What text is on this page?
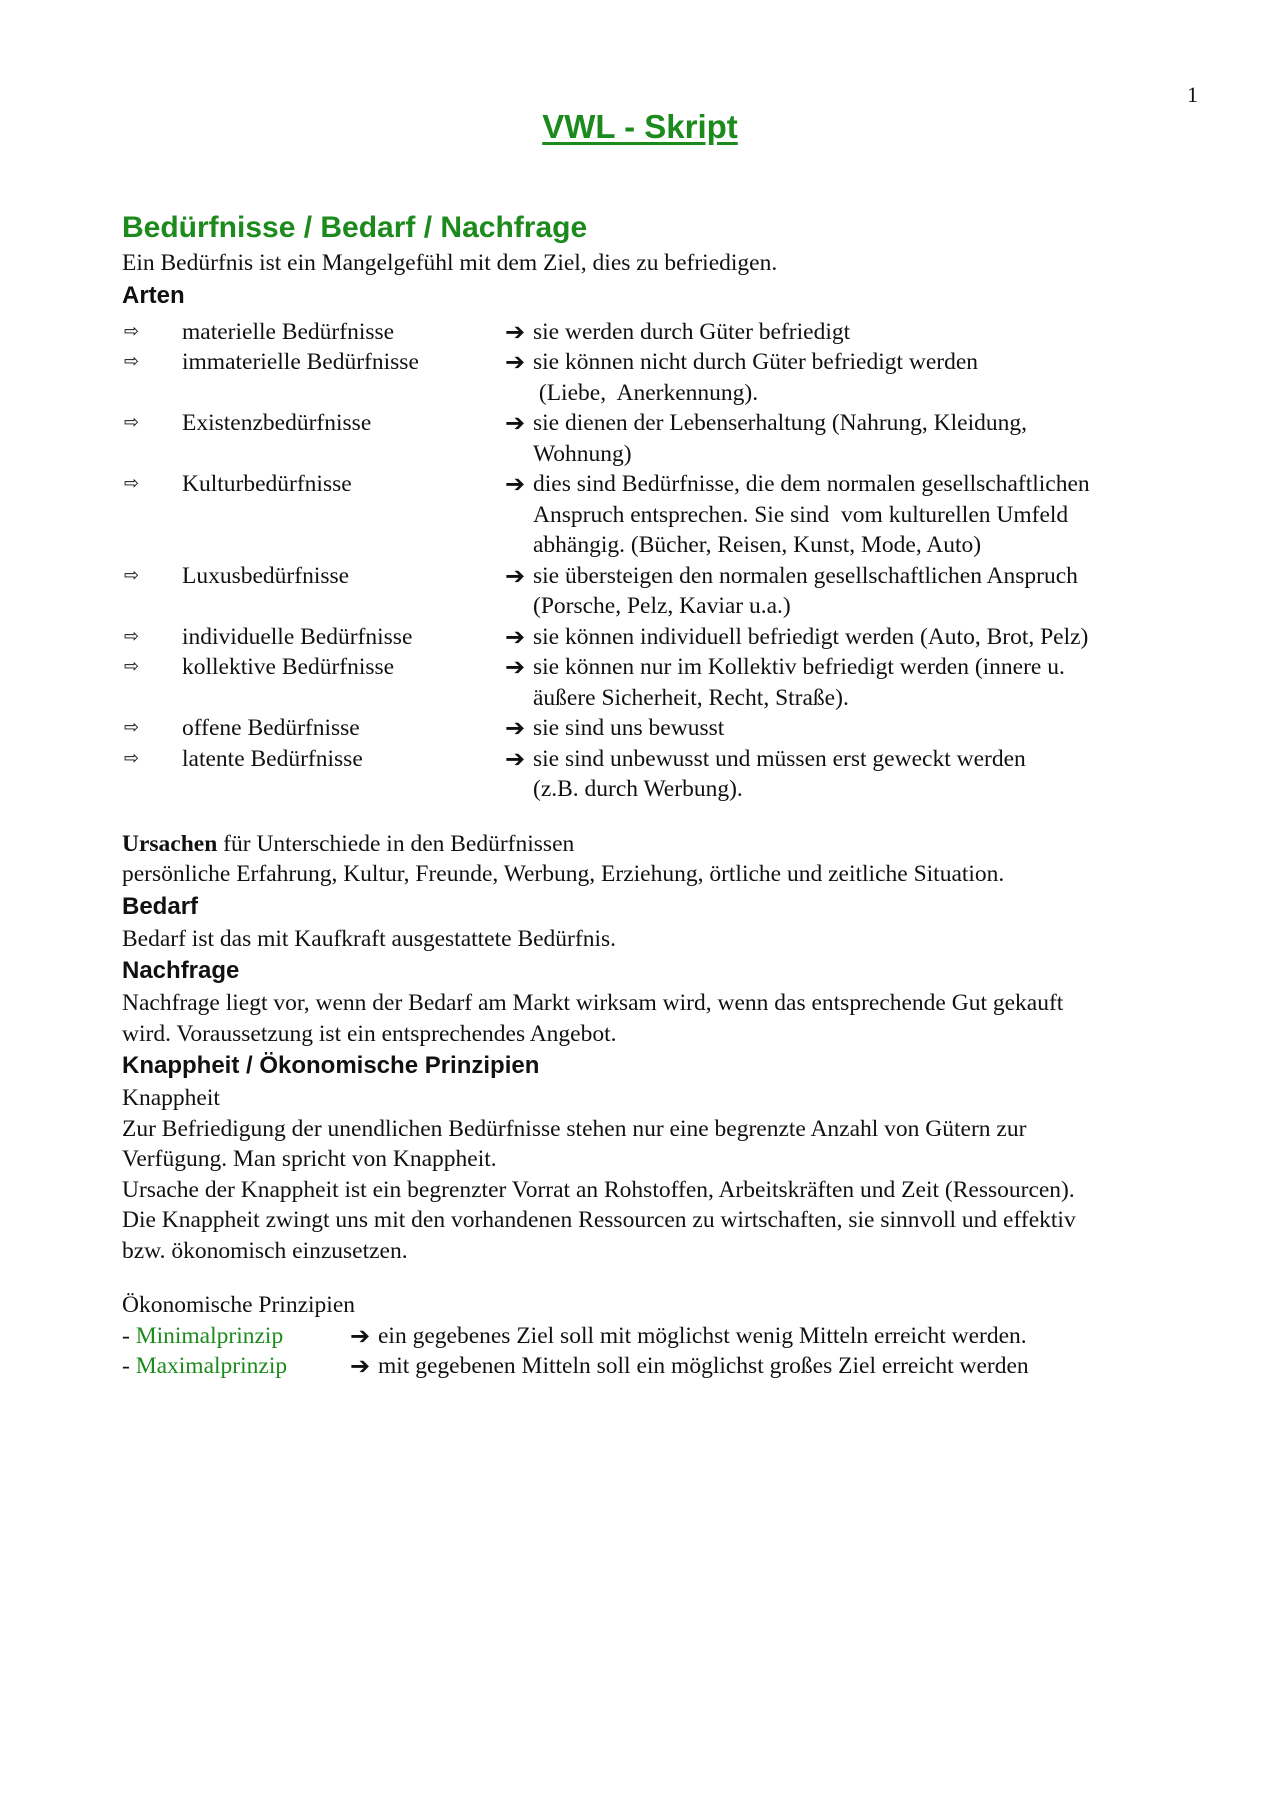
1
VWL - Skript
Bedürfnisse / Bedarf / Nachfrage

Ein Bedürfnis ist ein Mangelgefühl mit dem Ziel, dies zu befriedigen.

Arten
⇨	materielle Bedürfnisse	➔ sie werden durch Güter befriedigt
⇨	immaterielle Bedürfnisse	➔ sie können nicht durch Güter befriedigt werden
(Liebe,  Anerkennung).
⇨	Existenzbedürfnisse	➔ sie dienen der Lebenserhaltung (Nahrung, Kleidung,
Wohnung)
⇨	Kulturbedürfnisse	➔ dies sind Bedürfnisse, die dem normalen gesellschaftlichen
Anspruch entsprechen. Sie sind  vom kulturellen Umfeld
abhängig. (Bücher, Reisen, Kunst, Mode, Auto)
⇨	Luxusbedürfnisse	➔ sie übersteigen den normalen gesellschaftlichen Anspruch
(Porsche, Pelz, Kaviar u.a.)
⇨	individuelle Bedürfnisse	➔ sie können individuell befriedigt werden (Auto, Brot, Pelz)
⇨	kollektive Bedürfnisse	➔ sie können nur im Kollektiv befriedigt werden (innere u.
äußere Sicherheit, Recht, Straße).
⇨	offene Bedürfnisse	➔ sie sind uns bewusst
⇨	latente Bedürfnisse	➔ sie sind unbewusst und müssen erst geweckt werden
(z.B. durch Werbung).

Ursachen für Unterschiede in den Bedürfnissen

persönliche Erfahrung, Kultur, Freunde, Werbung, Erziehung, örtliche und zeitliche Situation.

Bedarf

Bedarf ist das mit Kaufkraft ausgestattete Bedürfnis.

Nachfrage

Nachfrage liegt vor, wenn der Bedarf am Markt wirksam wird, wenn das entsprechende Gut gekauft

wird. Voraussetzung ist ein entsprechendes Angebot.

Knappheit / Ökonomische Prinzipien

Knappheit

Zur Befriedigung der unendlichen Bedürfnisse stehen nur eine begrenzte Anzahl von Gütern zur

Verfügung. Man spricht von Knappheit.

Ursache der Knappheit ist ein begrenzter Vorrat an Rohstoffen, Arbeitskräften und Zeit (Ressourcen).

Die Knappheit zwingt uns mit den vorhandenen Ressourcen zu wirtschaften, sie sinnvoll und effektiv

bzw. ökonomisch einzusetzen.

Ökonomische Prinzipien

- Minimalprinzip	➔ ein gegebenes Ziel soll mit möglichst wenig Mitteln erreicht werden.
- Maximalprinzip	➔ mit gegebenen Mitteln soll ein möglichst großes Ziel erreicht werden
